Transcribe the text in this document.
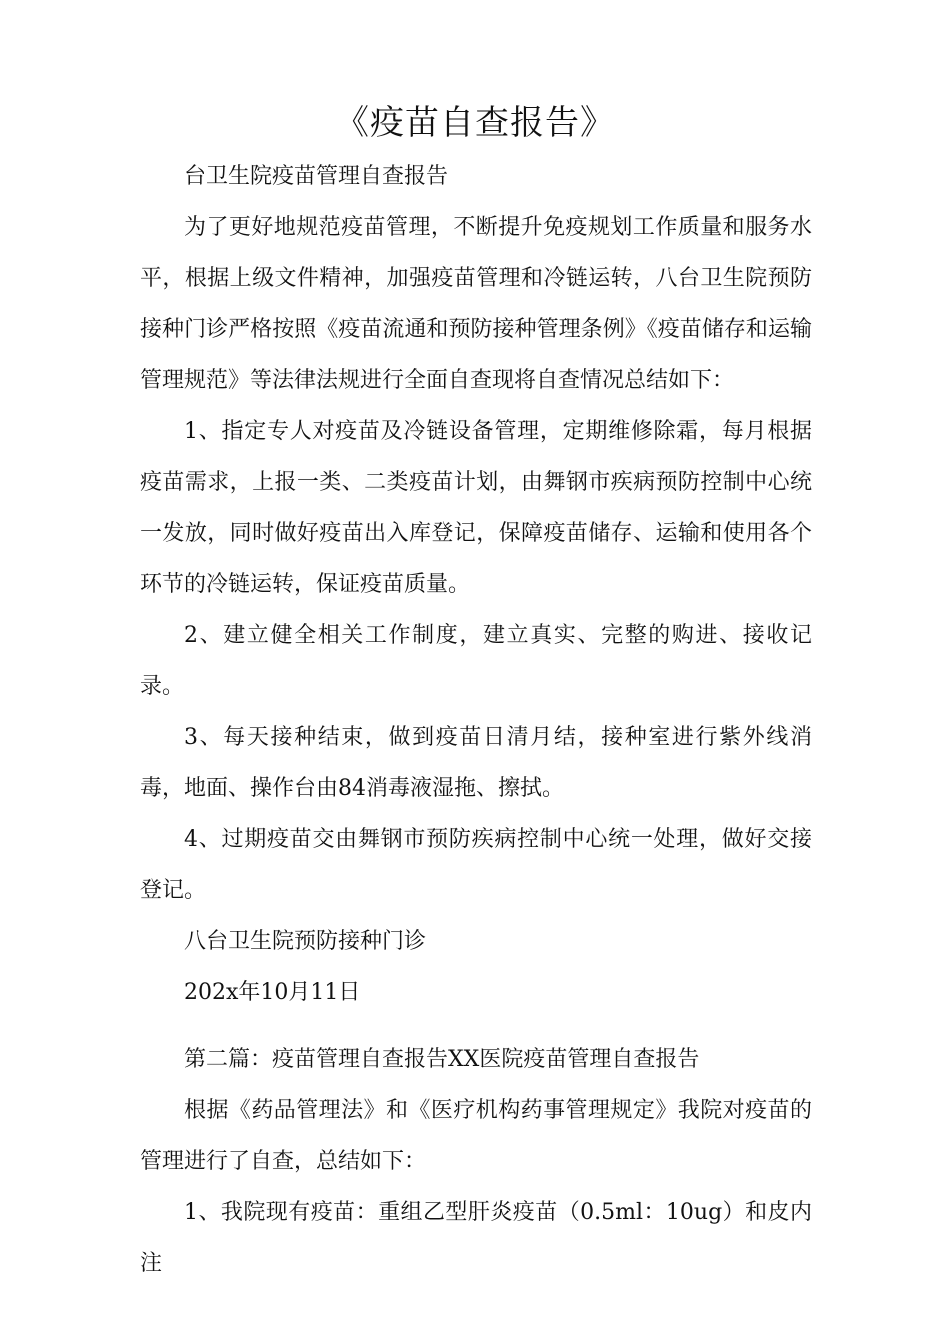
《疫苗自查报告》

台卫生院疫苗管理自查报告

为了更好地规范疫苗管理，不断提升免疫规划工作质量和服务水平，根据上级文件精神，加强疫苗管理和冷链运转，八台卫生院预防接种门诊严格按照《疫苗流通和预防接种管理条例》《疫苗储存和运输管理规范》等法律法规进行全面自查现将自查情况总结如下：

1、指定专人对疫苗及冷链设备管理，定期维修除霜，每月根据疫苗需求，上报一类、二类疫苗计划，由舞钢市疾病预防控制中心统一发放，同时做好疫苗出入库登记，保障疫苗储存、运输和使用各个环节的冷链运转，保证疫苗质量。

2、建立健全相关工作制度，建立真实、完整的购进、接收记录。

3、每天接种结束，做到疫苗日清月结，接种室进行紫外线消毒，地面、操作台由84消毒液湿拖、擦拭。

4、过期疫苗交由舞钢市预防疾病控制中心统一处理，做好交接登记。

八台卫生院预防接种门诊

202x年10月11日

第二篇：疫苗管理自查报告XX医院疫苗管理自查报告

根据《药品管理法》和《医疗机构药事管理规定》我院对疫苗的管理进行了自查，总结如下：

1、我院现有疫苗：重组乙型肝炎疫苗（0.5ml：10ug）和皮内注
